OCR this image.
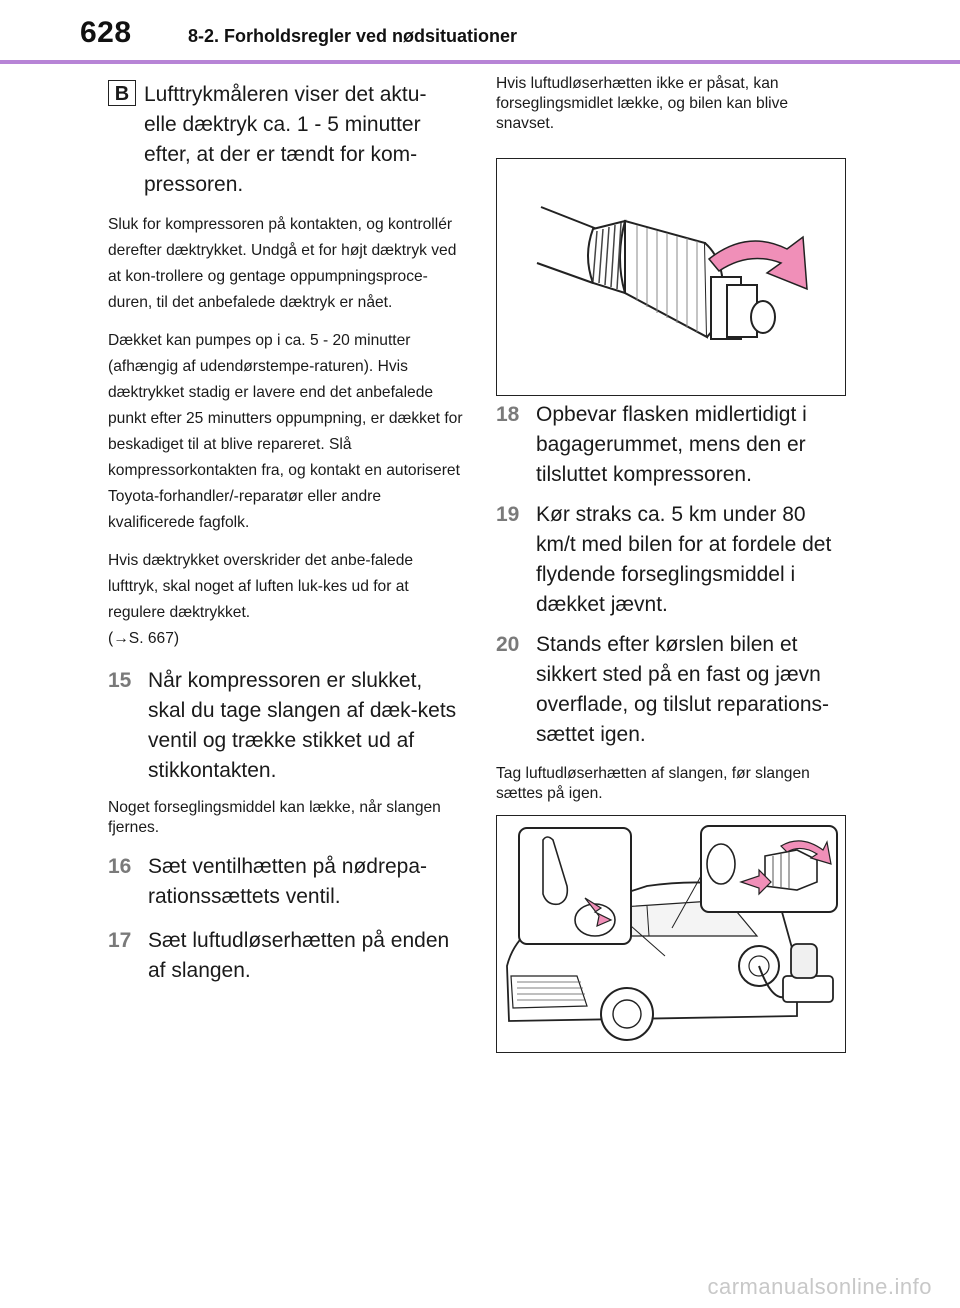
628	8-2. Forholdsregler ved nødsituationer
B Lufttrykmåleren viser det aktu-elle dæktryk ca. 1 - 5 minutter efter, at der er tændt for kom-pressoren.

Sluk for kompressoren på kontakten, og kontrollér derefter dæktrykket. Undgå et for højt dæktryk ved at kon-trollere og gentage oppumpningsproce-duren, til det anbefalede dæktryk er nået.

Dækket kan pumpes op i ca. 5 - 20 minutter (afhængig af udendørstempe-raturen). Hvis dæktrykket stadig er lavere end det anbefalede punkt efter 25 minutters oppumpning, er dækket for beskadiget til at blive repareret. Slå kompressorkontakten fra, og kontakt en autoriseret Toyota-forhandler/-reparatør eller andre kvalificerede fagfolk.

Hvis dæktrykket overskrider det anbe-falede lufttryk, skal noget af luften luk-kes ud for at regulere dæktrykket.
(→S. 667)

15 Når kompressoren er slukket, skal du tage slangen af dæk-kets ventil og trække stikket ud af stikkontakten.

Noget forseglingsmiddel kan lække, når slangen fjernes.

16 Sæt ventilhætten på nødrepa-rationssættets ventil.
17 Sæt luftudløserhætten på enden af slangen.

Hvis luftudløserhætten ikke er påsat, kan forseglingsmidlet lække, og bilen kan blive snavset.

18 Opbevar flasken midlertidigt i bagagerummet, mens den er tilsluttet kompressoren.
19 Kør straks ca. 5 km under 80 km/t med bilen for at fordele det flydende forseglingsmiddel i dækket jævnt.
20 Stands efter kørslen bilen et sikkert sted på en fast og jævn overflade, og tilslut reparations-sættet igen.

Tag luftudløserhætten af slangen, før slangen sættes på igen.

carmanualsonline.info
